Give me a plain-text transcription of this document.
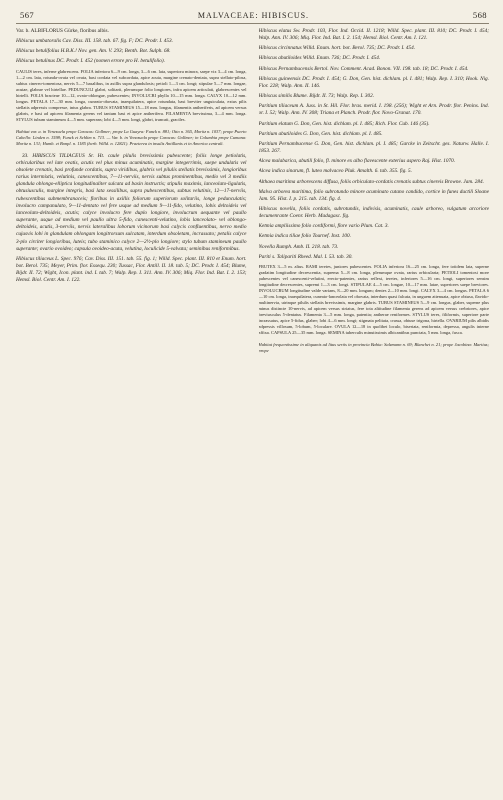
567	MALVACEAE: HIBISCUS.	568

Var. b. ALBIFLORUS Gürke, floribus albis.

Hibiscus umbatoralis Cav. Diss. III. 158. tab. 67. fig. F; DC. Prodr. I. 453.

Hibiscus betulifolius H.B.K.! Nov. gen. Am. V. 293; Benth. Bot. Sulph. 68.

Hibiscus betulinus DC. Prodr. I. 452 (nomen errore pro H. betulifolio).

CAULIS teres, inferne glabrescens. FOLIA inferiora 6—9 cm. longa, 3—6 cm. lata, superiora minora, saepe vix 3—4 cm. longa, 1—2 cm. lata, rotunda-ovata vel ovata, basi cordata vel subcordata, apice acuta, margine crenato-dentata, supra stellato-pilosa, subtus cinereo-tomentosa, nervis 5—7 basalibus, in axillis supra glandulosis; petioli 1—3 cm. longi; stipulae 5—7 mm. longae, acutae, glabrae vel hirtellae. PEDUNCULI glabri, solitarii, plerumque folio longiores, infra apicem articulati, glabrescentes vel hirtelli. FOLIA bracteae 10—12, ovato-oblongae, pubescentes; INVOLUCRI phylla 10—15 mm. longa. CALYX 10—12 mm. longus. PETALA 17—30 mm. longa, cuneato-obovata, inaequilatera, apice rotundata, basi breviter unguiculata, extus pilis stellatis adpressis compresse, intus glabra. TUBUS STAMINEUS 15—18 mm. longus, filamentis antheriferis, ad apicem versus glabris, e basi ad apicem filamenta gerens vel tantum basi et apice antherifera. FILAMENTA brevissima, 3—4 mm. longa. STYLUS tubum stamineum 4—5 mm. superans; lobi 4—5 mm. longi, glabri, truncati, graciles.

Habitat var. a. in Venezuela prope Caracas: Gollmer; prope La Guayra: Funck n. 881; Otto n. 365, Moritz n. 1037; prope Puerto Cabello: Linden n. 1598; Funck et Schlim n. 713. — Var. b. in Venezuela prope Caracas: Gollmer; in Columbia prope Cumana: Moritz n. 131; Humb. et Bonpl. n. 1185 (herb. Willd. n. 12821). Praeterea in insulis Antillanis et in America centrali.

33. HIBISCUS TILIACEUS Sr. Ht. caule pilulis brevissimis pubescente; foliis longe petiolatis, orbicularibus vel late ovatis, acutis vel plus minus acuminatis, margine integerrimis, saepe undulatis vel obsolete crenatis, basi profunde cordatis, supra viridibus, glabris vel pilulis stellatis brevissimis, longioribus rarius intermixtis, velutinis, canescentibus, 7—11-nerviis, nervis subtus prominentibus, medio vel 3 mediis glandula oblongo-elliptica longitudinaliter sulcata ad basin instructis; stipulis maximis, lanceolato-ligulatis, obtusiusculis, margine integris, basi lata sessilibus, supra pubescentibus, subtus velutinis, 12—17-nerviis, rubescentibus submembranaceis; floribus in axillis foliorum superiorum solitariis, longe pedunculatis; involucro campanulato, 9—11-dentato vel fere usque ad medium 9—11-fido, velutino, lobis deltoideis vel lanceolato-deltoideis, acutis; calyce involucro fere duplo longiore, involucrum aequante vel paullo superante, usque ad medium vel paullo ultra 5-fido, canescenti-velutino, lobis lanceolato- vel oblongo-deltoideis, acutis, 3-nerviis, nervis lateralibus loborum vicinorum basi calycis confluentibus, nervo medio cujusvis lobi in glandulam oblongam longitrorsum sulcatam, interdum obsoletam, incrassato; petalis calyce 3-plo circiter longioribus, luteis; tubo staminico calyce 2—2½-plo longiore; stylo tubum stamineum paullo superante; ovario ovoideo; capsula ovoideo-acuta, velutina, loculicide 5-valvata; seminibus reniformibus.

Hibiscus tiliaceus L. Spec. 976; Cav. Diss. III. 151. tab. 55. fig. 1; Willd. Spec. plant. III. 810 et Enum. hort. bot. Berol. 735; Meyer, Prim. flor. Essequ. 230; Tussac, Flor. Antill. II. 18. tab. 5; DC. Prodr. I. 454; Blume, Bijdr. II. 72; Wight, Icon. plant. ind. I. tab. 7; Walp. Rep. I. 311. Ann. IV. 306; Miq. Flor. Ind. Bat. I. 2. 153; Hemsl. Biol. Centr. Am. I. 122.

Hibiscus elatus Sw. Prodr. 103, Flor. Ind. Occid. II. 1218; Willd. Spec. plant. III. 810; DC. Prodr. I. 454; Walp. Ann. IV. 306; Miq. Flor. Ind. Bat. I. 2. 154; Hemsl. Biol. Centr. Am. I. 121.

Hibiscus circinnatus Willd. Enum. hort. bot. Berol. 735; DC. Prodr. I. 454.

Hibiscus abutiloides Willd. Enum. 736; DC. Prodr. I. 454.

Hibiscus Pernambucensis Bertol. Nov. Comment. Acad. Bonon. VII. 198. tab. 18; DC. Prodr. I. 454.

Hibiscus guineensis DC. Prodr. I. 454; G. Don, Gen. hist. dichlam. pl. I. 481; Walp. Rep. I. 310; Hook. Nig. Flor. 228; Walp. Ann. II. 146.

Hibiscus similis Blume. Bijdr. II. 73; Walp. Rep. I. 302.

Paritium tiliaceum A. Juss. in St. Hil. Flor. bras. merid. I. 198. (256); Wight et Arn. Prodr. flor. Penins. Ind. or. I. 52; Walp. Ann. IV. 308; Triana et Planch. Prodr. flor. Novo-Granat. 170.

Paritium elatum G. Don, Gen. hist. dichlam. pl. I. 485; Rich. Flor. Cub. 146 (35).

Paritium abutiloides G. Don, Gen. hist. dichlam. pl. I. 485.

Paritium Pernambucense G. Don, Gen. hist. dichlam. pl. I. 485; Garcke in Zeitschr. ges. Naturw. Halle. I. 1853. 267.

Alcea malabarica, abutili folio, fl. minore ex albo flavescente exterius aspero Raj. Hist. 1070.

Alcea indica sinarum, fl. luteo malvaceo Pluk. Amalth. 6. tab. 355. fig. 5.

Althaea maritima arborescens diffusa, foliis orbiculato-cordatis crenatis subtus cinereis Browne. Jam. 284.

Malva arborea maritima, folio subrotundo minore acuminato cutano candido, cortice in funes ductili Sloane Jam. 95. Hist. I. p. 215. tab. 134. fig. 4.

Hibiscus novella, foliis cordatis, subrotundis, indivisis, acuminatis, caule arboreo, vulgatum arcoriore decumenrante Coenr. Herb. Madagasc. fig.

Ketmia ampliissimo folio cordiformi, flore vario Plum. Cat. 3.

Ketmia indica tiliae folio Tournef. Inst. 100.

Novella Rumph. Amb. II. 218. tab. 73.

Pariti s. Talipariti Rheed. Mal. I. 53. tab. 30.

FRUTEX 3—5 m. altus. RAMI teretes, juniores pubescentes. FOLIA inferiora 16—25 cm. longa, fere totidem lata, superne gradatim longitudine decrescentia, suprema 5—8 cm. longa, plerumque ovata, rarius orbicularia; PETIOLI tomentosi more pubescentes vel canescenti-velutini, erecto-patentes, rarius reflexi, teretes, inferiores 5—16 cm. longi, superiores sensim longitudine decrescentes, supremi 1—3 cm. longi. STIPULAE 4—5 cm. longae, 10—17 mm. latae, superiores saepe breviores. INVOLUCRUM longitudine valde varians, 8—20 mm. longum; dentes 2—10 mm. longi. CALYX 3—4 cm. longus. PETALA 6—10 cm. longa, inaequilatera, cuneato-lanceolata vel obovata, interdum quasi falcata, in unguem attenuata, apice obtusa, flavido-multinervia, utrinque pilulis stellatis brevissimis, margine glabris. TUBUS STAMINEUS 5—9 cm. longus, glaber, superne plus minus distincte 10-nervis, ad apicem versus striatus, fere tota altitudine filamenta gerens ad apicem versus crebriores, apice breviusculus 5-dentatus. Filamenta 3—5 mm. longa, patentia; antherae reniformes. STYLUS teres, filiformis, superiore parte incrassatus, apice 5-fidus, glaber; lobi 4—6 mm. longi; stigmata pelitata, crassa, obtuse trigona, hirtella. OVARIUM pilis albidis adpressis villosum, 5-lobum, 5-loculare. OVULA 12—18 in quolibet loculo, biseriata, reniformia, depressa, angulis interne affixa. CAPSULA 25—35 mm. longa. SEMINA tuberculis minutissimis albicantibus punctata, 5 mm. longa, fusca.

Habitat frequentissime in aliquanis ad litus sertis in provincia Bahia: Salzmann n. 69; Blanchet n. 21; prope Jacobina: Martius; prope
